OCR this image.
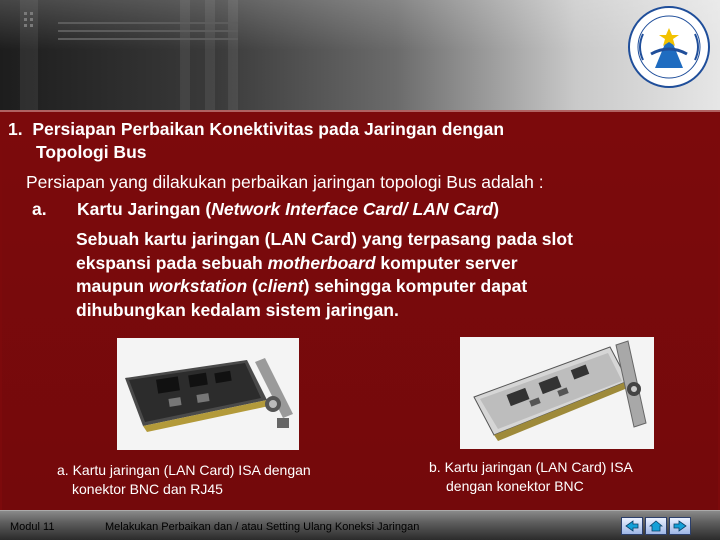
1. Persiapan Perbaikan Konektivitas pada Jaringan dengan
Topologi Bus
Persiapan yang dilakukan perbaikan jaringan topologi Bus adalah :
a. Kartu Jaringan (Network Interface Card/ LAN Card)
Sebuah kartu jaringan (LAN Card) yang terpasang pada slot
ekspansi pada sebuah motherboard komputer server
maupun workstation (client) sehingga komputer dapat
dihubungkan kedalam sistem jaringan.
a. Kartu jaringan (LAN Card) ISA dengan
konektor BNC dan RJ45
b. Kartu jaringan (LAN Card) ISA
dengan konektor BNC
Modul 11	Melakukan Perbaikan dan / atau Setting Ulang Koneksi Jaringan
